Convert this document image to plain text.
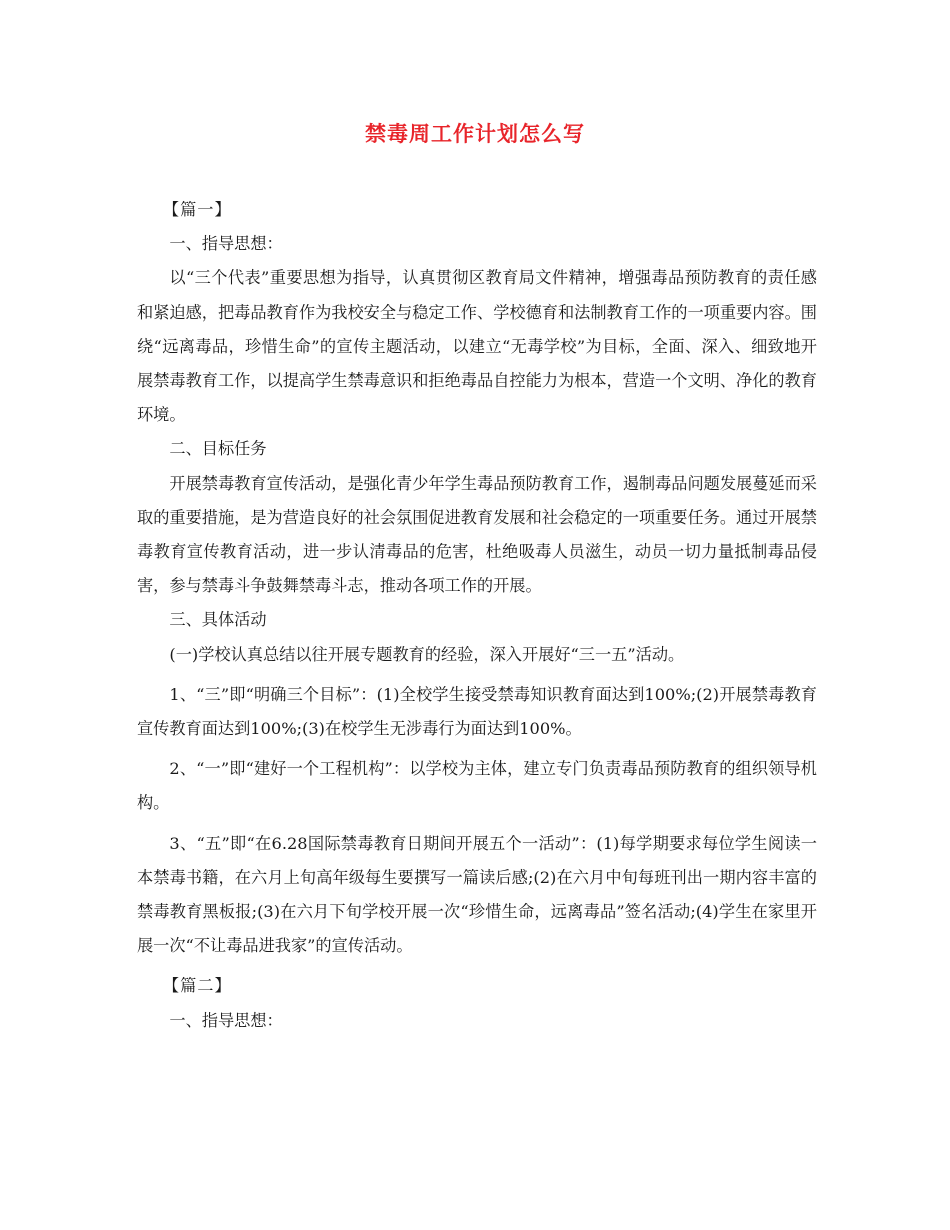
禁毒周工作计划怎么写

【篇一】

一、指导思想：

以“三个代表”重要思想为指导，认真贯彻区教育局文件精神，增强毒品预防教育的责任感和紧迫感，把毒品教育作为我校安全与稳定工作、学校德育和法制教育工作的一项重要内容。围绕“远离毒品，珍惜生命”的宣传主题活动，以建立“无毒学校”为目标，全面、深入、细致地开展禁毒教育工作，以提高学生禁毒意识和拒绝毒品自控能力为根本，营造一个文明、净化的教育环境。

二、目标任务

开展禁毒教育宣传活动，是强化青少年学生毒品预防教育工作，遏制毒品问题发展蔓延而采取的重要措施，是为营造良好的社会氛围促进教育发展和社会稳定的一项重要任务。通过开展禁毒教育宣传教育活动，进一步认清毒品的危害，杜绝吸毒人员滋生，动员一切力量抵制毒品侵害，参与禁毒斗争鼓舞禁毒斗志，推动各项工作的开展。

三、具体活动

(一)学校认真总结以往开展专题教育的经验，深入开展好“三一五”活动。

1、“三”即“明确三个目标”：(1)全校学生接受禁毒知识教育面达到100%;(2)开展禁毒教育宣传教育面达到100%;(3)在校学生无涉毒行为面达到100%。

2、“一”即“建好一个工程机构”：以学校为主体，建立专门负责毒品预防教育的组织领导机构。

3、“五”即“在6.28国际禁毒教育日期间开展五个一活动”：(1)每学期要求每位学生阅读一本禁毒书籍，在六月上旬高年级每生要撰写一篇读后感;(2)在六月中旬每班刊出一期内容丰富的禁毒教育黑板报;(3)在六月下旬学校开展一次“珍惜生命，远离毒品”签名活动;(4)学生在家里开展一次“不让毒品进我家”的宣传活动。

【篇二】

一、指导思想：
